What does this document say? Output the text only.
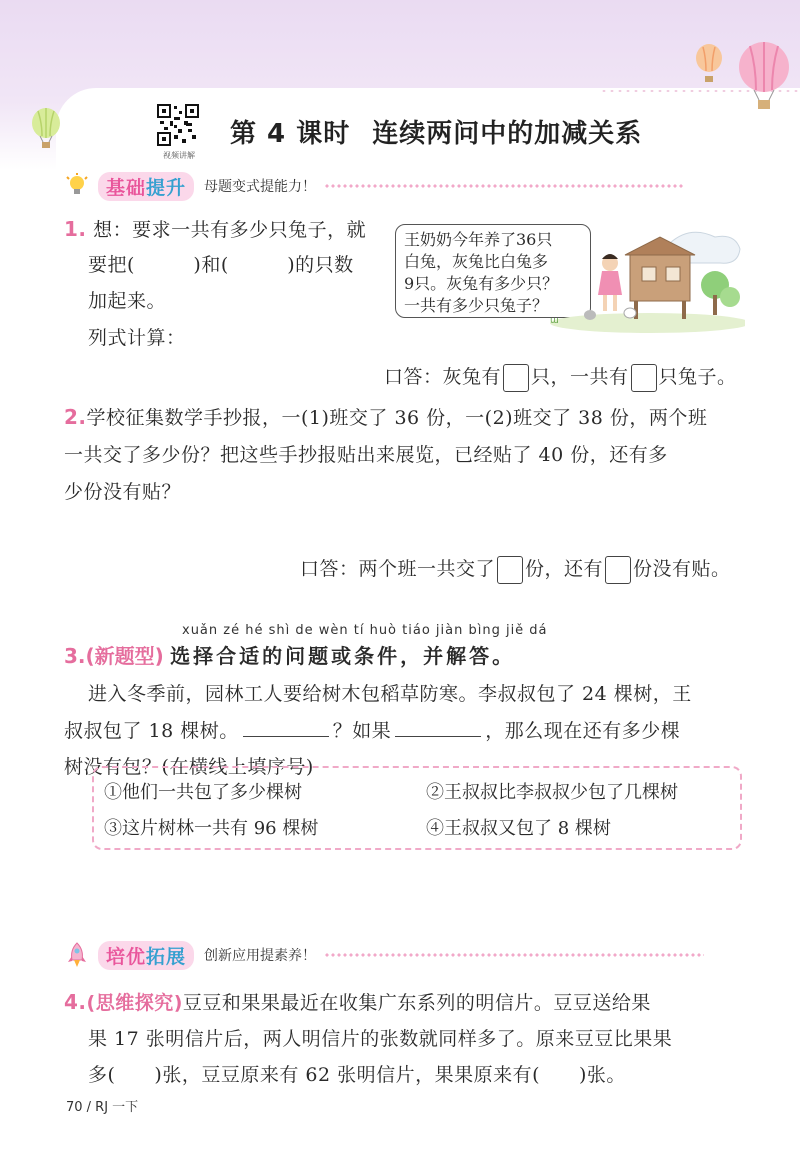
视频讲解
第 4 课时 连续两问中的加减关系
基础提升	母题变式提能力！
1. 想：要求一共有多少只兔子，就
要把(　　　)和(　　　)的只数
加起来。
列式计算：
王奶奶今年养了36只
白兔，灰兔比白兔多
9只。灰兔有多少只？
一共有多少只兔子？
ɯ
口答：灰兔有 只，一共有 只兔子。
2.学校征集数学手抄报，一(1)班交了 36 份，一(2)班交了 38 份，两个班
一共交了多少份？把这些手抄报贴出来展览，已经贴了 40 份，还有多
少份没有贴？
口答：两个班一共交了 份，还有 份没有贴。
xuǎn zé hé shì de wèn tí huò tiáo jiàn bìng jiě dá
3.(新题型) 选择合适的问题或条件，并解答。
进入冬季前，园林工人要给树木包稻草防寒。李叔叔包了 24 棵树，王
叔叔包了 18 棵树。	？如果	，那么现在还有多少棵
树没有包？(在横线上填序号)
①他们一共包了多少棵树	②王叔叔比李叔叔少包了几棵树
③这片树林一共有 96 棵树	④王叔叔又包了 8 棵树
培优拓展	创新应用提素养！
4.(思维探究)豆豆和果果最近在收集广东系列的明信片。豆豆送给果
果 17 张明信片后，两人明信片的张数就同样多了。原来豆豆比果果
多(　　)张，豆豆原来有 62 张明信片，果果原来有(　　)张。
70 / RJ 一下
